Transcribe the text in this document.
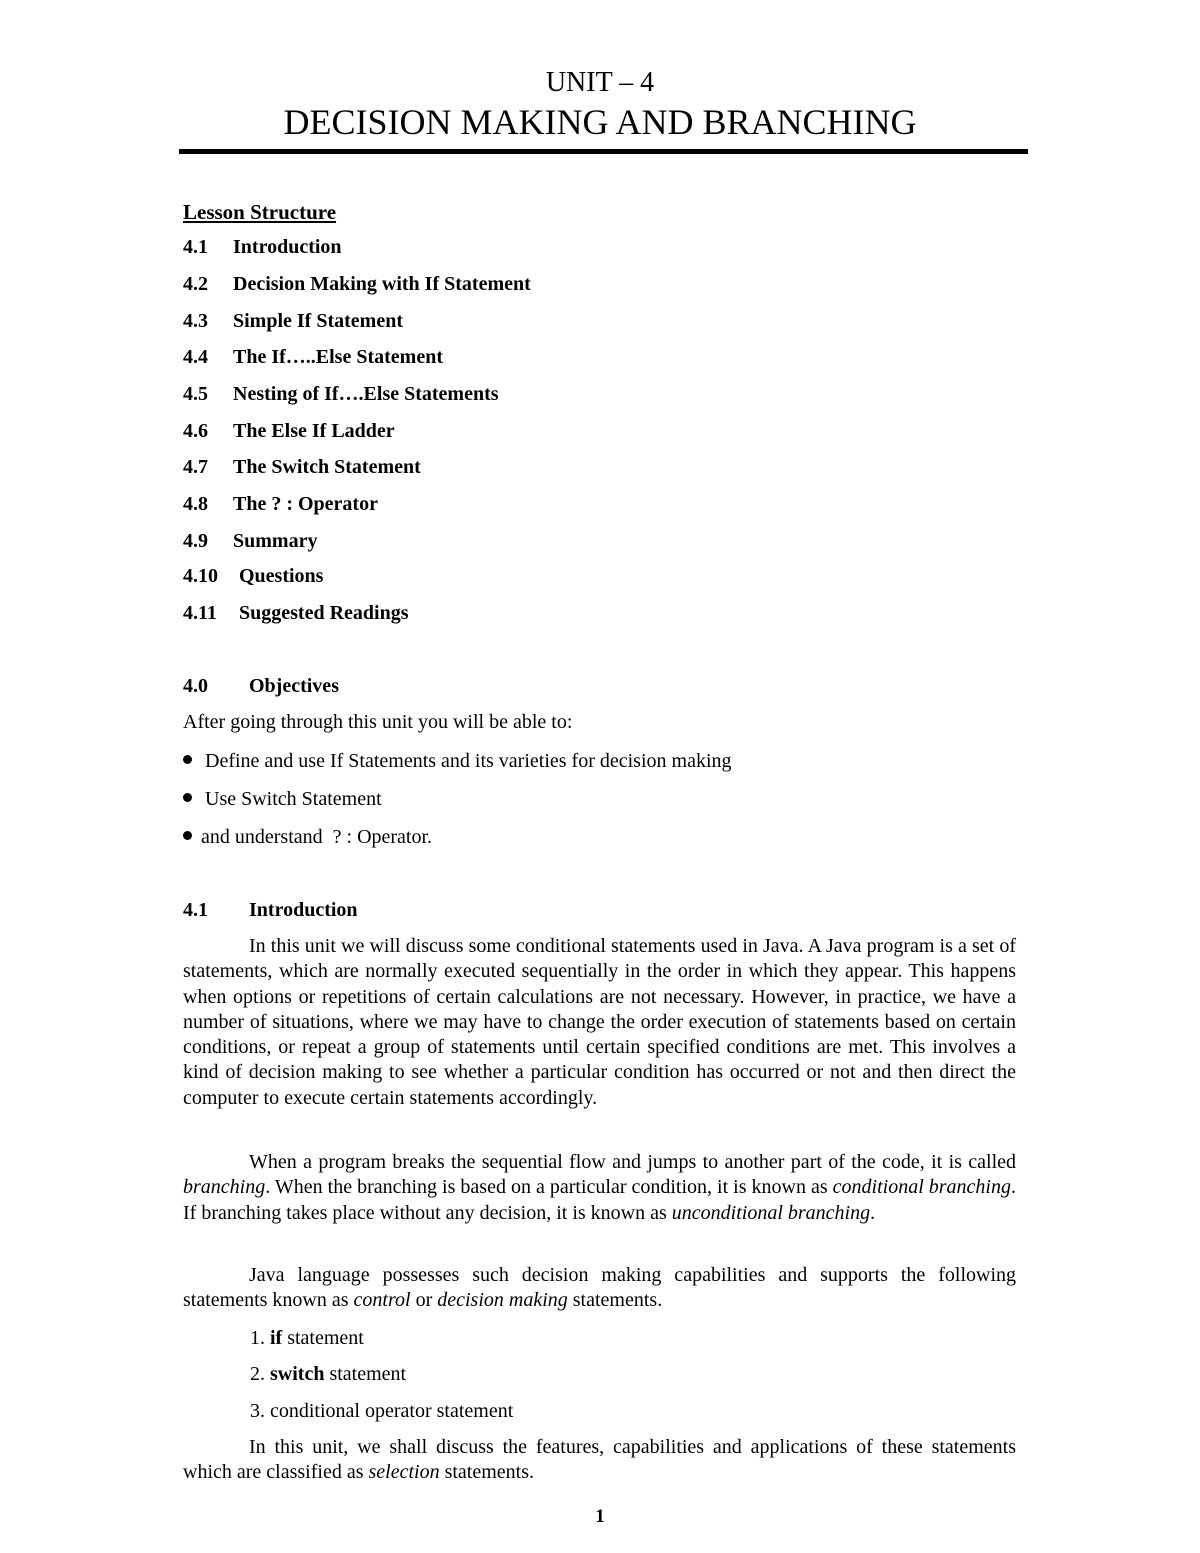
UNIT – 4
DECISION MAKING AND BRANCHING
Lesson Structure
4.1 Introduction
4.2 Decision Making with If Statement
4.3 Simple If Statement
4.4 The If…..Else Statement
4.5 Nesting of If….Else Statements
4.6 The Else If Ladder
4.7 The Switch Statement
4.8 The ? : Operator
4.9 Summary
4.10 Questions
4.11 Suggested Readings
4.0 Objectives
After going through this unit you will be able to:
Define and use If Statements and its varieties for decision making
Use Switch Statement
and understand  ? : Operator.
4.1 Introduction
In this unit we will discuss some conditional statements used in Java. A Java program is a set of statements, which are normally executed sequentially in the order in which they appear. This happens when options or repetitions of certain calculations are not necessary. However, in practice, we have a number of situations, where we may have to change the order execution of statements based on certain conditions, or repeat a group of statements until certain specified conditions are met. This involves a kind of decision making to see whether a particular condition has occurred or not and then direct the computer to execute certain statements accordingly.
When a program breaks the sequential flow and jumps to another part of the code, it is called branching. When the branching is based on a particular condition, it is known as conditional branching. If branching takes place without any decision, it is known as unconditional branching.
Java language possesses such decision making capabilities and supports the following statements known as control or decision making statements.
1. if statement
2. switch statement
3. conditional operator statement
In this unit, we shall discuss the features, capabilities and applications of these statements which are classified as selection statements.
1
